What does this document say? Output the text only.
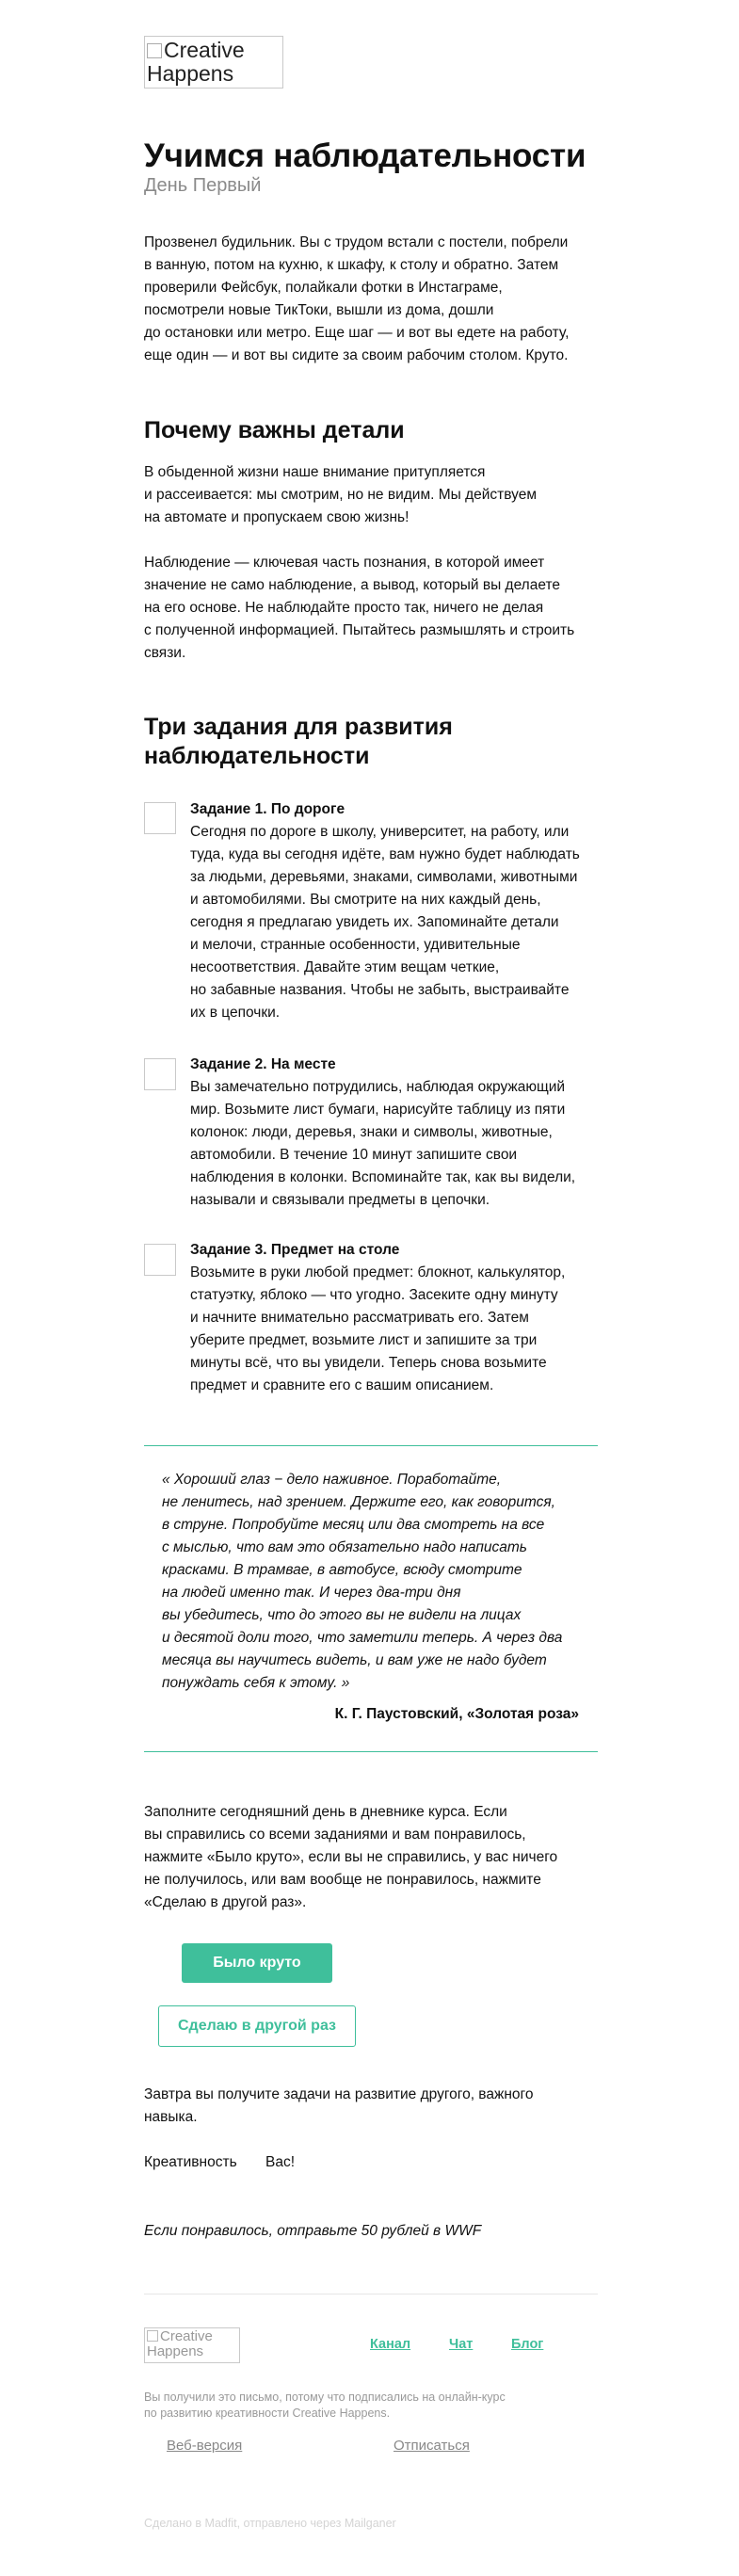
Creative Happens
Учимся наблюдательности
День Первый
Прозвенел будильник. Вы с трудом встали с постели, побрели
в ванную, потом на кухню, к шкафу, к столу и обратно. Затем
проверили Фейсбук, полайкали фотки в Инстаграме,
посмотрели новые ТикТоки, вышли из дома, дошли
до остановки или метро. Еще шаг — и вот вы едете на работу,
еще один — и вот вы сидите за своим рабочим столом. Круто.
Почему важны детали
В обыденной жизни наше внимание притупляется
и рассеивается: мы смотрим, но не видим. Мы действуем
на автомате и пропускаем свою жизнь!
Наблюдение — ключевая часть познания, в которой имеет
значение не само наблюдение, а вывод, который вы делаете
на его основе. Не наблюдайте просто так, ничего не делая
с полученной информацией. Пытайтесь размышлять и строить
связи.
Три задания для развития
наблюдательности
Задание 1. По дороге
Сегодня по дороге в школу, университет, на работу, или
туда, куда вы сегодня идёте, вам нужно будет наблюдать
за людьми, деревьями, знаками, символами, животными
и автомобилями. Вы смотрите на них каждый день,
сегодня я предлагаю увидеть их. Запоминайте детали
и мелочи, странные особенности, удивительные
несоответствия. Давайте этим вещам четкие,
но забавные названия. Чтобы не забыть, выстраивайте
их в цепочки.
Задание 2. На месте
Вы замечательно потрудились, наблюдая окружающий
мир. Возьмите лист бумаги, нарисуйте таблицу из пяти
колонок: люди, деревья, знаки и символы, животные,
автомобили. В течение 10 минут запишите свои
наблюдения в колонки. Вспоминайте так, как вы видели,
называли и связывали предметы в цепочки.
Задание 3. Предмет на столе
Возьмите в руки любой предмет: блокнот, калькулятор,
статуэтку, яблоко — что угодно. Засеките одну минуту
и начните внимательно рассматривать его. Затем
уберите предмет, возьмите лист и запишите за три
минуты всё, что вы увидели. Теперь снова возьмите
предмет и сравните его с вашим описанием.
« Хороший глаз − дело наживное. Поработайте,
не ленитесь, над зрением. Держите его, как говорится,
в струне. Попробуйте месяц или два смотреть на все
с мыслью, что вам это обязательно надо написать
красками. В трамвае, в автобусе, всюду смотрите
на людей именно так. И через два-три дня
вы убедитесь, что до этого вы не видели на лицах
и десятой доли того, что заметили теперь. А через два
месяца вы научитесь видеть, и вам уже не надо будет
понуждать себя к этому. »
К. Г. Паустовский, «Золотая роза»
Заполните сегодняшний день в дневнике курса. Если
вы справились со всеми заданиями и вам понравилось,
нажмите «Было круто», если вы не справились, у вас ничего
не получилось, или вам вообще не понравилось, нажмите
«Сделаю в другой раз».
Было круто
Сделаю в другой раз
Завтра вы получите задачи на развитие другого, важного
навыка.
Креативность Вас!
Если понравилось, отправьте 50 рублей в WWF
Creative Happens	Канал	Чат	Блог
Вы получили это письмо, потому что подписались на онлайн-курс
по развитию креативности Creative Happens.
Веб-версия	Отписаться
Сделано в Madfit, отправлено через Mailganer
